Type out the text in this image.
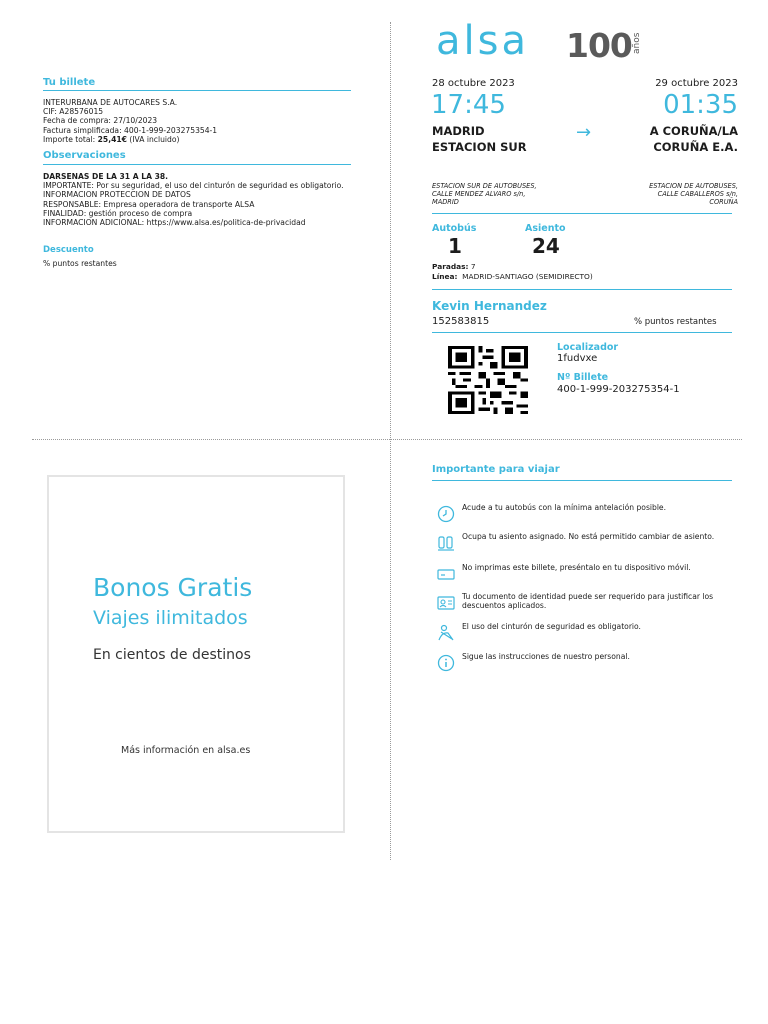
Tu billete
INTERURBANA DE AUTOCARES S.A.
CIF: A28576015
Fecha de compra: 27/10/2023
Factura simplificada: 400-1-999-203275354-1
Importe total: 25,41€ (IVA incluido)
Observaciones
DARSENAS DE LA 31 A LA 38.
IMPORTANTE: Por su seguridad, el uso del cinturón de seguridad es obligatorio.
INFORMACION PROTECCION DE DATOS
RESPONSABLE: Empresa operadora de transporte ALSA
FINALIDAD: gestión proceso de compra
INFORMACION ADICIONAL: https://www.alsa.es/politica-de-privacidad
Descuento
% puntos restantes
alsa 100 años
28 octubre 2023	29 octubre 2023
17:45	01:35
MADRID
ESTACION SUR
→	A CORUÑA/LA
CORUÑA E.A.
ESTACION SUR DE AUTOBUSES,
CALLE MENDEZ ALVARO s/n,
MADRID
ESTACION DE AUTOBUSES,
CALLE CABALLEROS s/n,
CORUÑA
Autobús
1
Asiento
24
Paradas: 7
Línea: MADRID-SANTIAGO (SEMIDIRECTO)
Kevin Hernandez
152583815	% puntos restantes
Localizador
1fudvxe
Nº Billete
400-1-999-203275354-1
Bonos Gratis
Viajes ilimitados
En cientos de destinos
Más información en alsa.es
Importante para viajar
Acude a tu autobús con la mínima antelación posible.
Ocupa tu asiento asignado. No está permitido cambiar de asiento.
No imprimas este billete, preséntalo en tu dispositivo móvil.
Tu documento de identidad puede ser requerido para justificar los descuentos aplicados.
El uso del cinturón de seguridad es obligatorio.
Sigue las instrucciones de nuestro personal.
